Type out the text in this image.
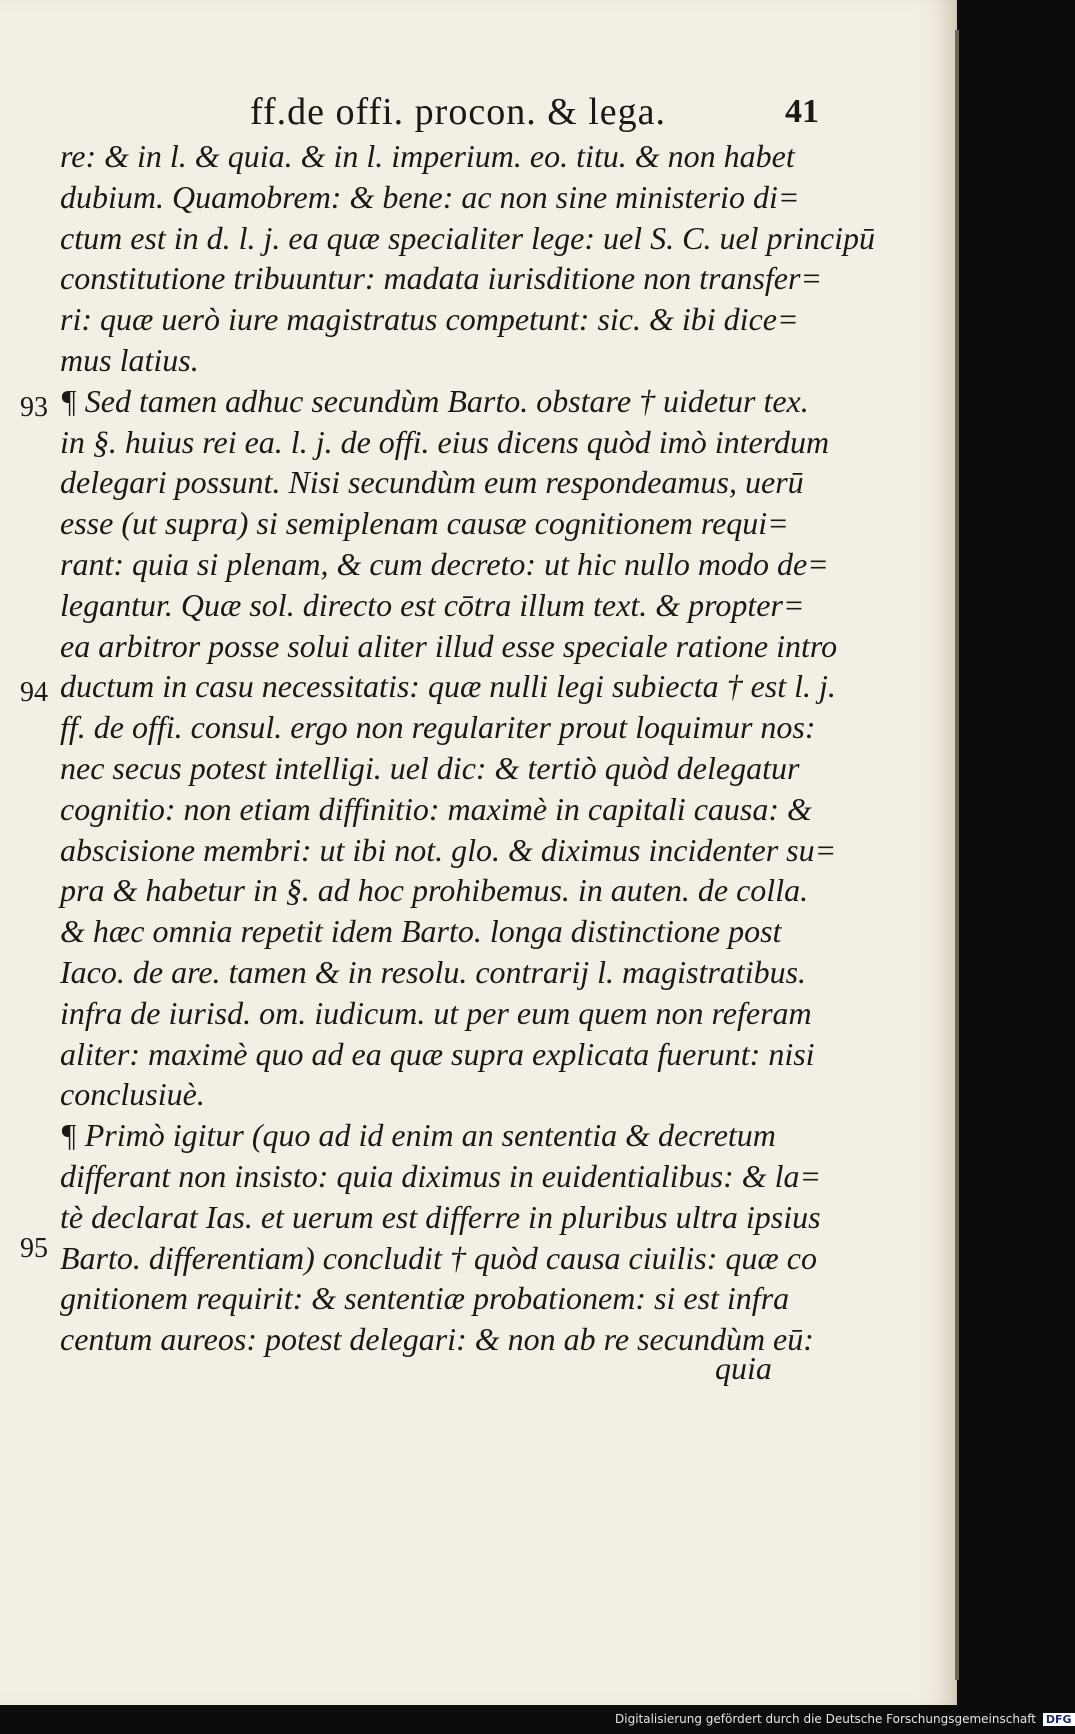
ff.de offi. procon. & lega.	41
93
94
95
re: & in l. & quia. & in l. imperium. eo. titu. & non habet
dubium. Quamobrem: & bene: ac non sine ministerio di=
ctum est in d. l. j. ea quæ specialiter lege: uel S. C. uel principū
constitutione tribuuntur: madata iurisditione non transfer=
ri: quæ uerò iure magistratus competunt: sic. & ibi dice=
mus latius.
¶ Sed tamen adhuc secundùm Barto. obstare † uidetur tex.
in §. huius rei ea. l. j. de offi. eius dicens quòd imò interdum
delegari possunt. Nisi secundùm eum respondeamus, uerū
esse (ut supra) si semiplenam causæ cognitionem requi=
rant: quia si plenam, & cum decreto: ut hic nullo modo de=
legantur. Quæ sol. directo est cōtra illum text. & propter=
ea arbitror posse solui aliter illud esse speciale ratione intro
ductum in casu necessitatis: quæ nulli legi subiecta † est l. j.
ff. de offi. consul. ergo non regulariter prout loquimur nos:
nec secus potest intelligi. uel dic: & tertiò quòd delegatur
cognitio: non etiam diffinitio: maximè in capitali causa: &
abscisione membri: ut ibi not. glo. & diximus incidenter su=
pra & habetur in §. ad hoc prohibemus. in auten. de colla.
& hæc omnia repetit idem Barto. longa distinctione post
Iaco. de are. tamen & in resolu. contrarij l. magistratibus.
infra de iurisd. om. iudicum. ut per eum quem non referam
aliter: maximè quo ad ea quæ supra explicata fuerunt: nisi
conclusiuè.
¶ Primò igitur (quo ad id enim an sententia & decretum
differant non insisto: quia diximus in euidentialibus: & la=
tè declarat Ias. et uerum est differre in pluribus ultra ipsius
Barto. differentiam) concludit † quòd causa ciuilis: quæ co
gnitionem requirit: & sententiæ probationem: si est infra
centum aureos: potest delegari: & non ab re secundùm eū:
quia
Digitalisierung gefördert durch die Deutsche Forschungsgemeinschaft DFG
